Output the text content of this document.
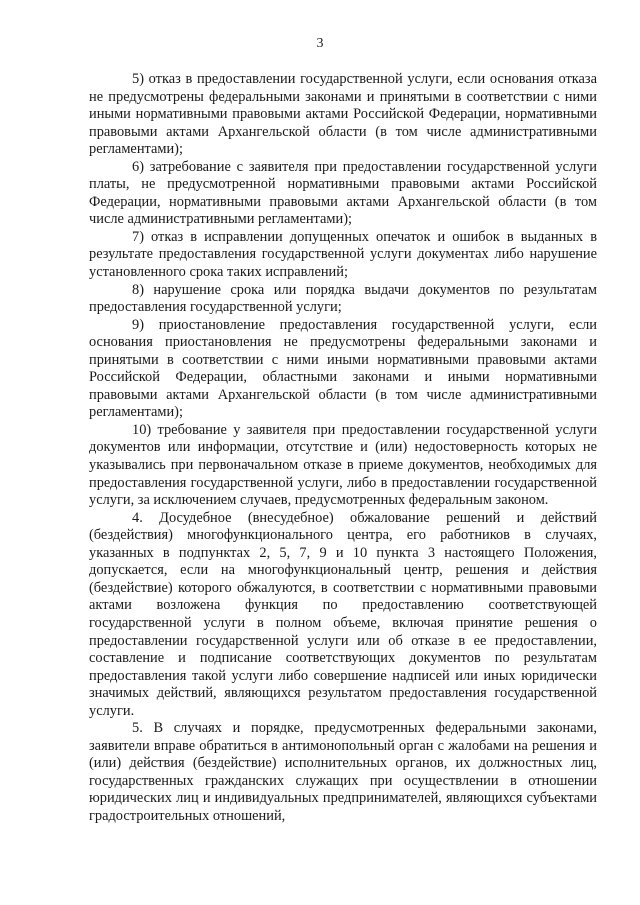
3

5) отказ в предоставлении государственной услуги, если основания отказа не предусмотрены федеральными законами и принятыми в соответствии с ними иными нормативными правовыми актами Российской Федерации, нормативными правовыми актами Архангельской области (в том числе административными регламентами);

6) затребование с заявителя при предоставлении государственной услуги платы, не предусмотренной нормативными правовыми актами Российской Федерации, нормативными правовыми актами Архангельской области (в том числе административными регламентами);

7) отказ в исправлении допущенных опечаток и ошибок в выданных в результате предоставления государственной услуги документах либо нарушение установленного срока таких исправлений;

8) нарушение срока или порядка выдачи документов по результатам предоставления государственной услуги;

9) приостановление предоставления государственной услуги, если основания приостановления не предусмотрены федеральными законами и принятыми в соответствии с ними иными нормативными правовыми актами Российской Федерации, областными законами и иными нормативными правовыми актами Архангельской области (в том числе административными регламентами);

10) требование у заявителя при предоставлении государственной услуги документов или информации, отсутствие и (или) недостоверность которых не указывались при первоначальном отказе в приеме документов, необходимых для предоставления государственной услуги, либо в предоставлении государственной услуги, за исключением случаев, предусмотренных федеральным законом.

4. Досудебное (внесудебное) обжалование решений и действий (бездействия) многофункционального центра, его работников в случаях, указанных в подпунктах 2, 5, 7, 9 и 10 пункта 3 настоящего Положения, допускается, если на многофункциональный центр, решения и действия (бездействие) которого обжалуются, в соответствии с нормативными правовыми актами возложена функция по предоставлению соответствующей государственной услуги в полном объеме, включая принятие решения о предоставлении государственной услуги или об отказе в ее предоставлении, составление и подписание соответствующих документов по результатам предоставления такой услуги либо совершение надписей или иных юридически значимых действий, являющихся результатом предоставления государственной услуги.

5. В случаях и порядке, предусмотренных федеральными законами, заявители вправе обратиться в антимонопольный орган с жалобами на решения и (или) действия (бездействие) исполнительных органов, их должностных лиц, государственных гражданских служащих при осуществлении в отношении юридических лиц и индивидуальных предпринимателей, являющихся субъектами градостроительных отношений,
